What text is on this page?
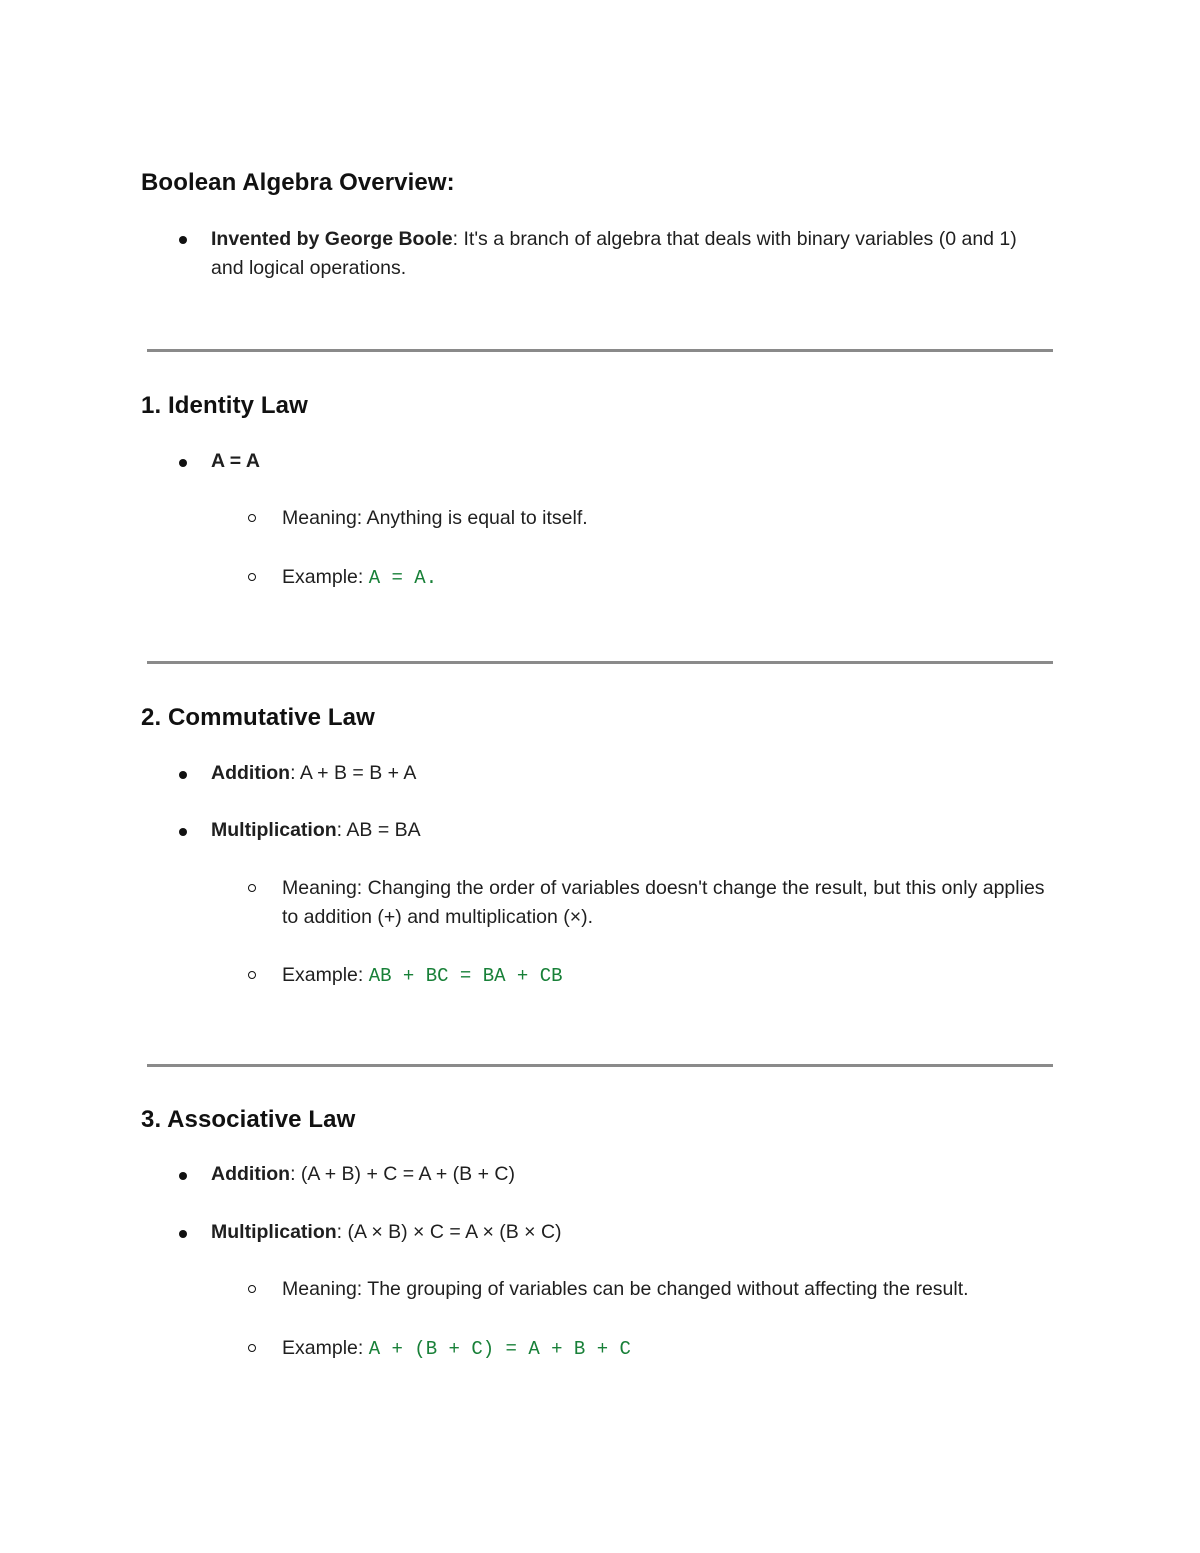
Boolean Algebra Overview:
Invented by George Boole: It's a branch of algebra that deals with binary variables (0 and 1) and logical operations.
1. Identity Law
A = A
Meaning: Anything is equal to itself.
Example: A = A.
2. Commutative Law
Addition: A + B = B + A
Multiplication: AB = BA
Meaning: Changing the order of variables doesn't change the result, but this only applies to addition (+) and multiplication (×).
Example: AB + BC = BA + CB
3. Associative Law
Addition: (A + B) + C = A + (B + C)
Multiplication: (A × B) × C = A × (B × C)
Meaning: The grouping of variables can be changed without affecting the result.
Example: A + (B + C) = A + B + C
